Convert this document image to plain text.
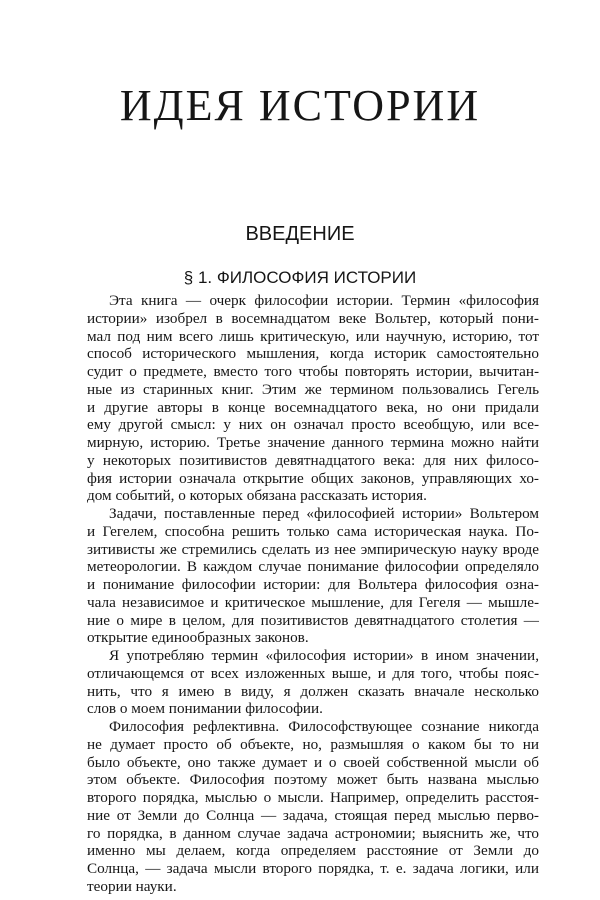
ИДЕЯ ИСТОРИИ
ВВЕДЕНИЕ
§ 1. ФИЛОСОФИЯ ИСТОРИИ
Эта книга — очерк философии истории. Термин «философия
истории» изобрел в восемнадцатом веке Вольтер, который пони-
мал под ним всего лишь критическую, или научную, историю, тот
способ исторического мышления, когда историк самостоятельно
судит о предмете, вместо того чтобы повторять истории, вычитан-
ные из старинных книг. Этим же термином пользовались Гегель
и другие авторы в конце восемнадцатого века, но они придали
ему другой смысл: у них он означал просто всеобщую, или все-
мирную, историю. Третье значение данного термина можно найти
у некоторых позитивистов девятнадцатого века: для них филосо-
фия истории означала открытие общих законов, управляющих хо-
дом событий, о которых обязана рассказать история.
Задачи, поставленные перед «философией истории» Вольтером
и Гегелем, способна решить только сама историческая наука. По-
зитивисты же стремились сделать из нее эмпирическую науку вроде
метеорологии. В каждом случае понимание философии определяло
и понимание философии истории: для Вольтера философия озна-
чала независимое и критическое мышление, для Гегеля — мышле-
ние о мире в целом, для позитивистов девятнадцатого столетия —
открытие единообразных законов.
Я употребляю термин «философия истории» в ином значении,
отличающемся от всех изложенных выше, и для того, чтобы пояс-
нить, что я имею в виду, я должен сказать вначале несколько
слов о моем понимании философии.
Философия рефлективна. Философствующее сознание никогда
не думает просто об объекте, но, размышляя о каком бы то ни
было объекте, оно также думает и о своей собственной мысли об
этом объекте. Философия поэтому может быть названа мыслью
второго порядка, мыслью о мысли. Например, определить расстоя-
ние от Земли до Солнца — задача, стоящая перед мыслью перво-
го порядка, в данном случае задача астрономии; выяснить же, что
именно мы делаем, когда определяем расстояние от Земли до
Солнца, — задача мысли второго порядка, т. е. задача логики, или
теории науки.
